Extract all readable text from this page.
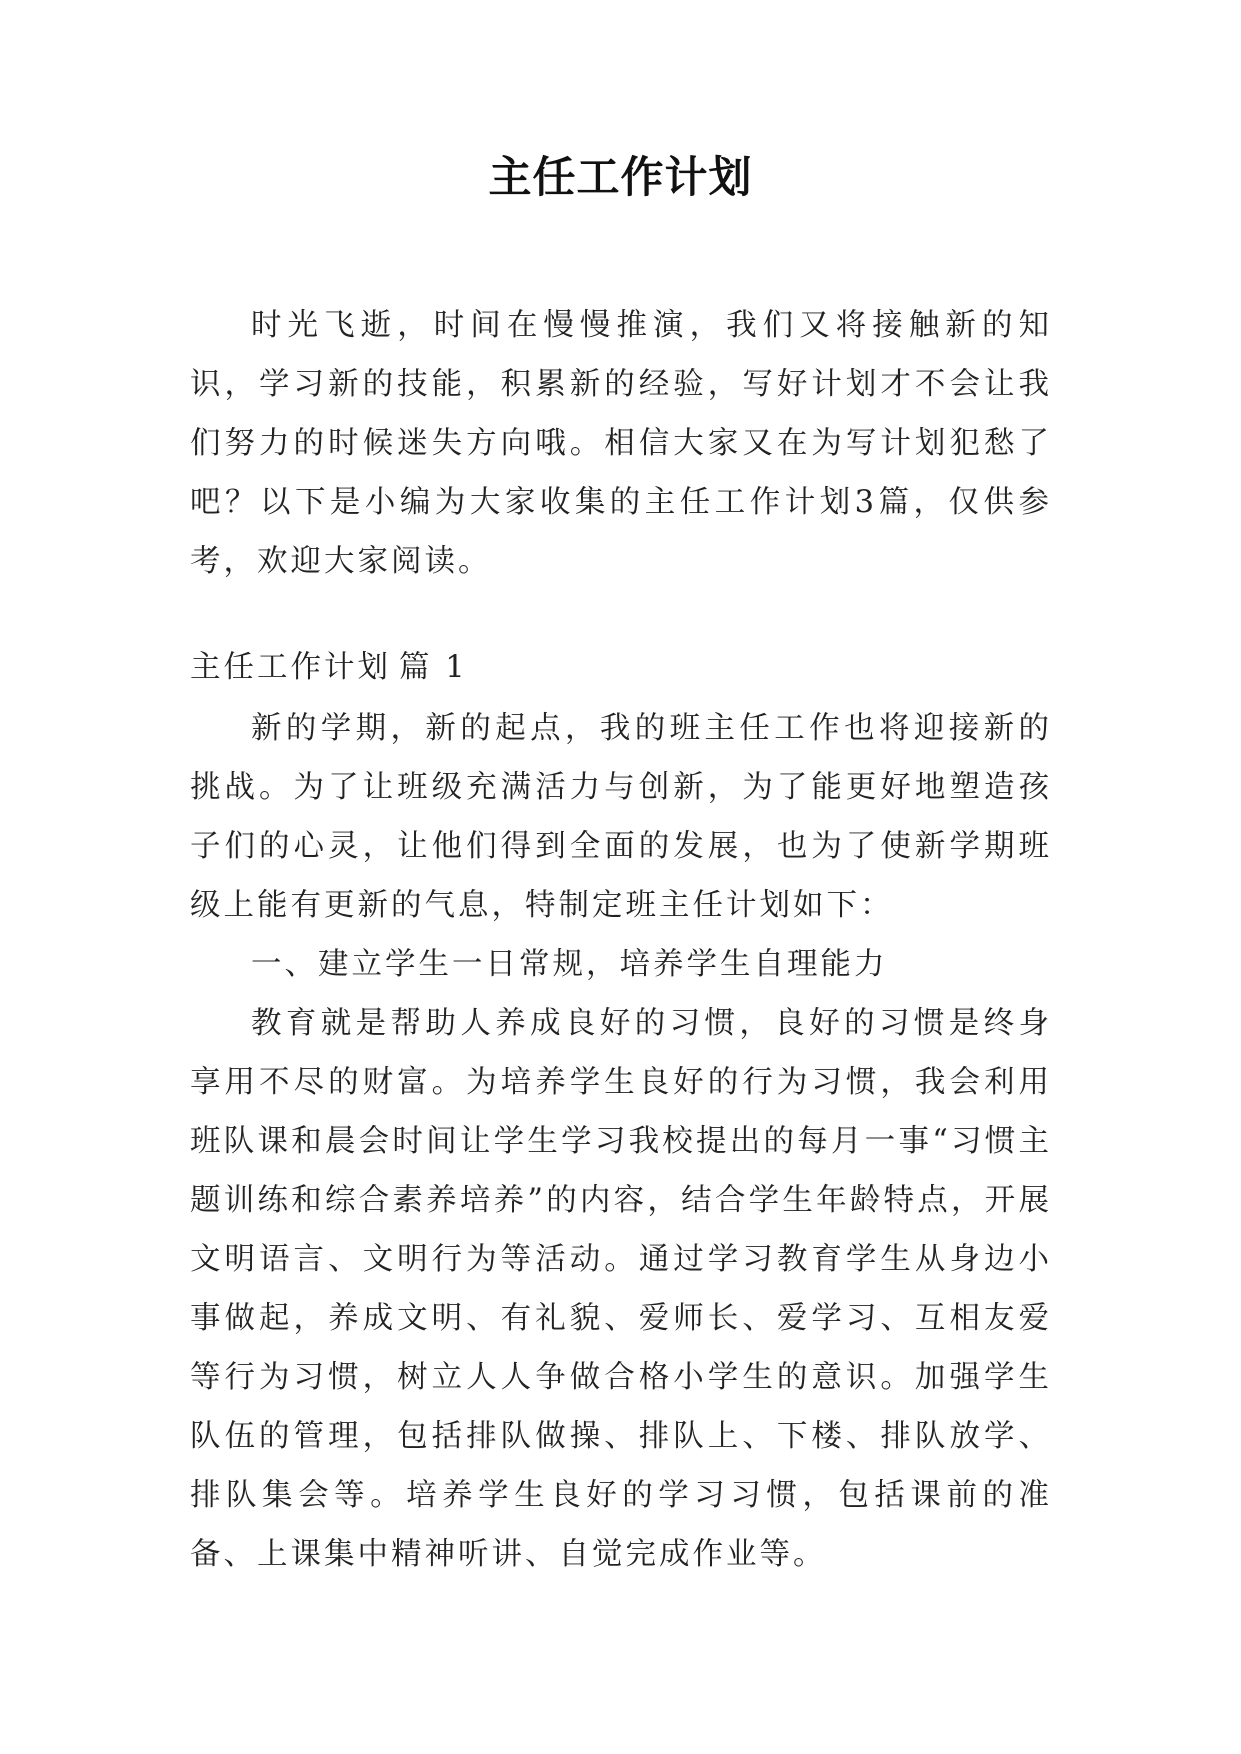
主任工作计划

时光飞逝，时间在慢慢推演，我们又将接触新的知识，学习新的技能，积累新的经验，写好计划才不会让我们努力的时候迷失方向哦。相信大家又在为写计划犯愁了吧？以下是小编为大家收集的主任工作计划3篇，仅供参考，欢迎大家阅读。

主任工作计划 篇 1

新的学期，新的起点，我的班主任工作也将迎接新的挑战。为了让班级充满活力与创新，为了能更好地塑造孩子们的心灵，让他们得到全面的发展，也为了使新学期班级上能有更新的气息，特制定班主任计划如下：

一、建立学生一日常规，培养学生自理能力

教育就是帮助人养成良好的习惯，良好的习惯是终身享用不尽的财富。为培养学生良好的行为习惯，我会利用班队课和晨会时间让学生学习我校提出的每月一事“习惯主题训练和综合素养培养”的内容，结合学生年龄特点，开展文明语言、文明行为等活动。通过学习教育学生从身边小事做起，养成文明、有礼貌、爱师长、爱学习、互相友爱等行为习惯，树立人人争做合格小学生的意识。加强学生队伍的管理，包括排队做操、排队上、下楼、排队放学、排队集会等。培养学生良好的学习习惯，包括课前的准备、上课集中精神听讲、自觉完成作业等。
